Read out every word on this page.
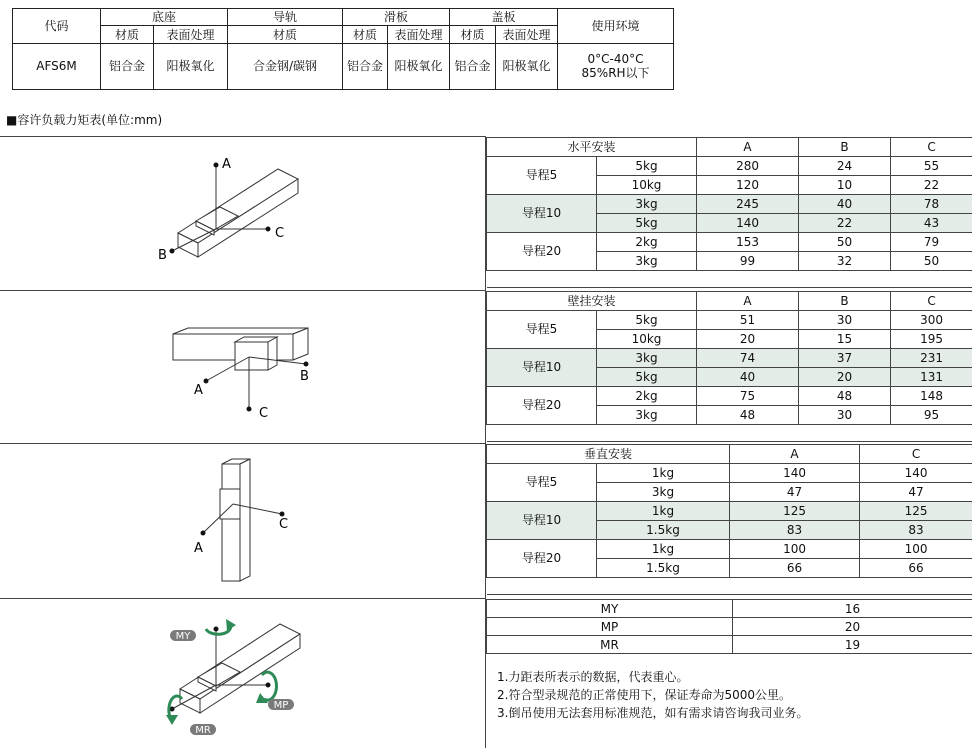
代码	底座		导轨	滑板		盖板		使用环境
	材质	表面处理	材质	材质	表面处理	材质	表面处理	
AFS6M	铝合金	阳极氧化	合金钢/碳钢	铝合金	阳极氧化	铝合金	阳极氧化	0°C-40°C
85%RH以下
■容许负载力矩表(单位:mm)
水平安装		A	B	C
导程5	5kg	280	24	55
	10kg	120	10	22
导程10	3kg	245	40	78
	5kg	140	22	43
导程20	2kg	153	50	79
	3kg	99	32	50

壁挂安装		A	B	C
导程5	5kg	51	30	300
	10kg	20	15	195
导程10	3kg	74	37	231
	5kg	40	20	131
导程20	2kg	75	48	148
	3kg	48	30	95

垂直安装		A	C
导程5	1kg	140	140
	3kg	47	47
导程10	1kg	125	125
	1.5kg	83	83
导程20	1kg	100	100
	1.5kg	66	66

MY	16
MP	20
MR	19
1.力距表所表示的数据，代表重心。
2.符合型录规范的正常使用下，保证寿命为5000公里。
3.倒吊使用无法套用标准规范，如有需求请咨询我司业务。
A
B
C
A
B
C
A
C
MY
MP
MR
